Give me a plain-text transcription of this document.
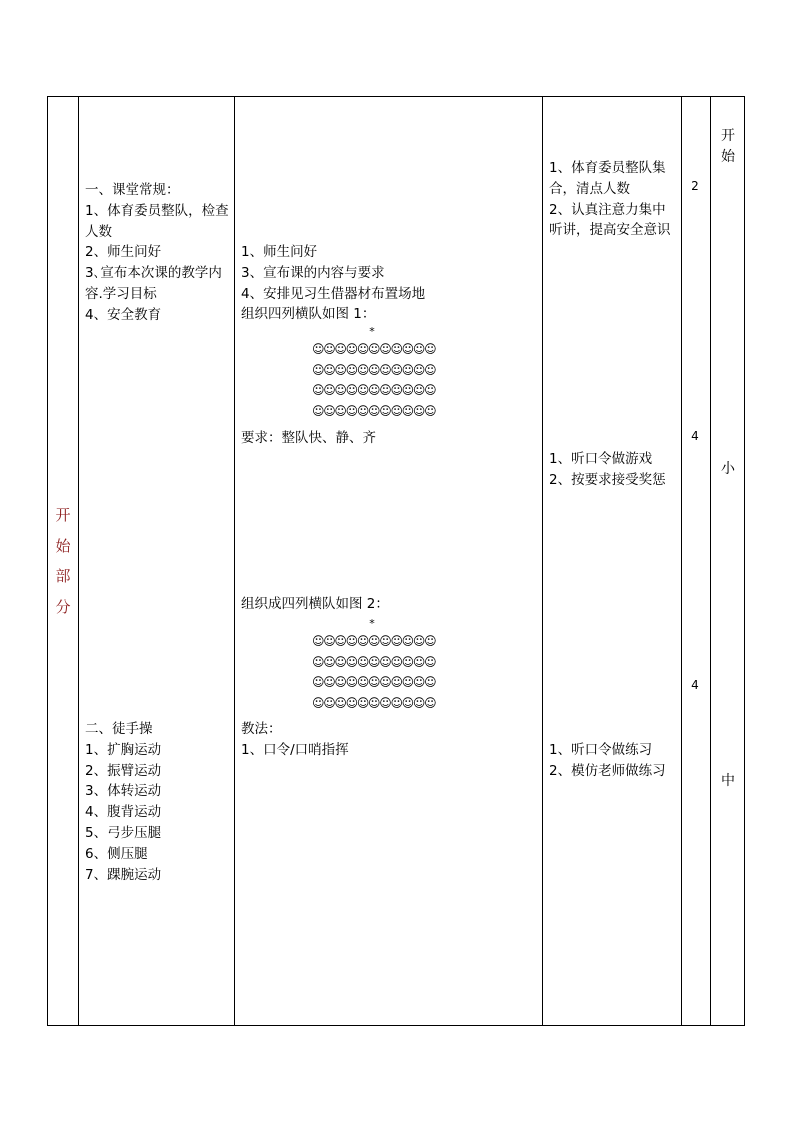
开
始
部
分
一、课堂常规：
1、体育委员整队，检查
人数
2、师生问好
3､宣布本次课的教学内
容.学习目标
4、安全教育
二、徒手操
1、扩胸运动
2、振臂运动
3、体转运动
4、腹背运动
5、弓步压腿
6、侧压腿
7、踝腕运动
1、师生问好
3、宣布课的内容与要求
4、安排见习生借器材布置场地
组织四列横队如图 1：
*
☺☺☺☺☺☺☺☺☺☺☺
☺☺☺☺☺☺☺☺☺☺☺
☺☺☺☺☺☺☺☺☺☺☺
☺☺☺☺☺☺☺☺☺☺☺
要求：整队快、静、齐
组织成四列横队如图 2：
*
☺☺☺☺☺☺☺☺☺☺☺
☺☺☺☺☺☺☺☺☺☺☺
☺☺☺☺☺☺☺☺☺☺☺
☺☺☺☺☺☺☺☺☺☺☺
教法：
1、口令/口哨指挥
1、体育委员整队集
合，清点人数
2、认真注意力集中
听讲，提高安全意识
1、听口令做游戏
2、按要求接受奖惩
1、听口令做练习
2、模仿老师做练习
2
4
4
开
始
小
中
